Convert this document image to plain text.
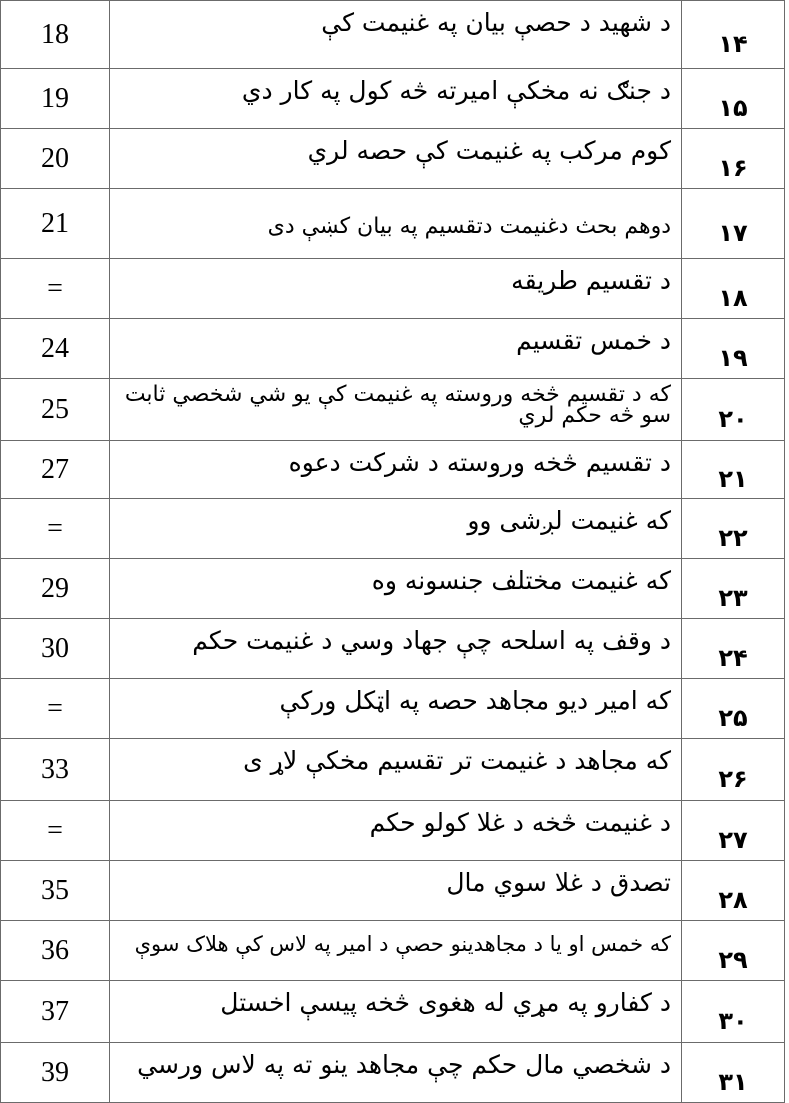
18	د شهید د حصې بیان په غنیمت کې	۱۴
19	د جنګ نه مخکې امیرته څه کول په کار دي	۱۵
20	کوم مرکب په غنیمت کې حصه لري	۱۶
21	دوهم بحث دغنیمت دتقسیم په بیان کښې دی	۱۷
=	د تقسیم طریقه	۱۸
24	د خمس تقسیم	۱۹
25	که د تقسیم څخه وروسته په غنیمت کې یو شي شخصي ثابت سو څه حکم لري	۲۰
27	د تقسیم څخه وروسته د شرکت دعوه	۲۱
=	که غنیمت لږشی وو	۲۲
29	که غنیمت مختلف جنسونه وه	۲۳
30	د وقف په اسلحه چې جهاد وسي د غنیمت حکم	۲۴
=	که امیر دیو مجاهد حصه په اټکل ورکې	۲۵
33	که مجاهد د غنیمت تر تقسیم مخکې لاړ ی	۲۶
=	د غنیمت څخه د غلا کولو حکم	۲۷
35	تصدق د غلا سوي مال	۲۸
36	که خمس او یا د مجاهدینو حصې د امیر په لاس کې هلاک سوې	۲۹
37	د کفارو په مړي له هغوی څخه پیسې اخستل	۳۰
39	د شخصي مال حکم چې مجاهد ینو ته په لاس ورسي	۳۱
